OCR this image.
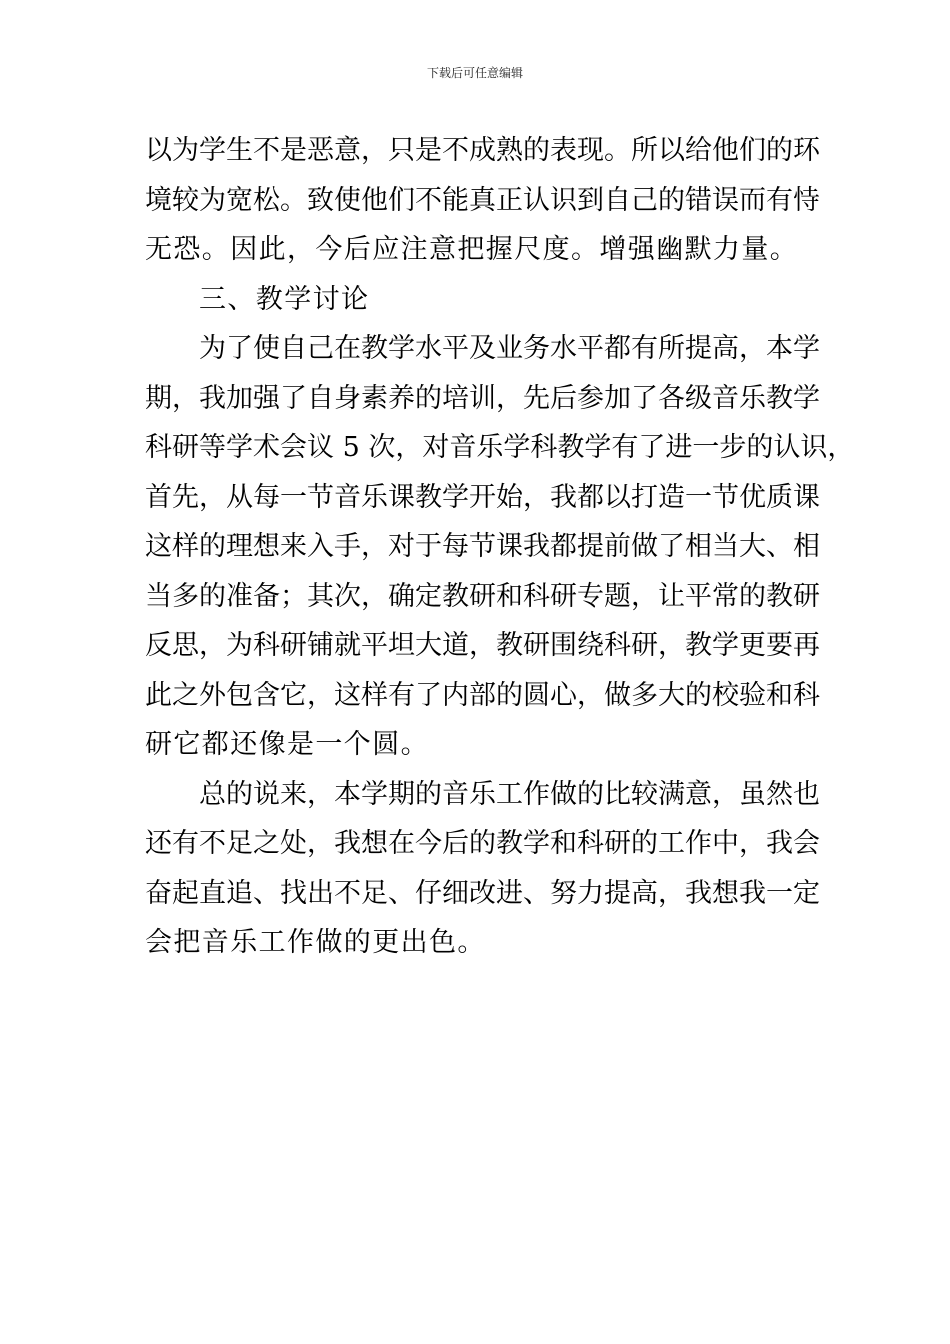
下载后可任意编辑
以为学生不是恶意，只是不成熟的表现。所以给他们的环
境较为宽松。致使他们不能真正认识到自己的错误而有恃
无恐。因此，今后应注意把握尺度。增强幽默力量。
三、教学讨论
为了使自己在教学水平及业务水平都有所提高，本学
期，我加强了自身素养的培训，先后参加了各级音乐教学
科研等学术会议 5 次，对音乐学科教学有了进一步的认识，
首先，从每一节音乐课教学开始，我都以打造一节优质课
这样的理想来入手，对于每节课我都提前做了相当大、相
当多的准备；其次，确定教研和科研专题，让平常的教研
反思，为科研铺就平坦大道，教研围绕科研，教学更要再
此之外包含它，这样有了内部的圆心，做多大的校验和科
研它都还像是一个圆。
总的说来，本学期的音乐工作做的比较满意，虽然也
还有不足之处，我想在今后的教学和科研的工作中，我会
奋起直追、找出不足、仔细改进、努力提高，我想我一定
会把音乐工作做的更出色。
